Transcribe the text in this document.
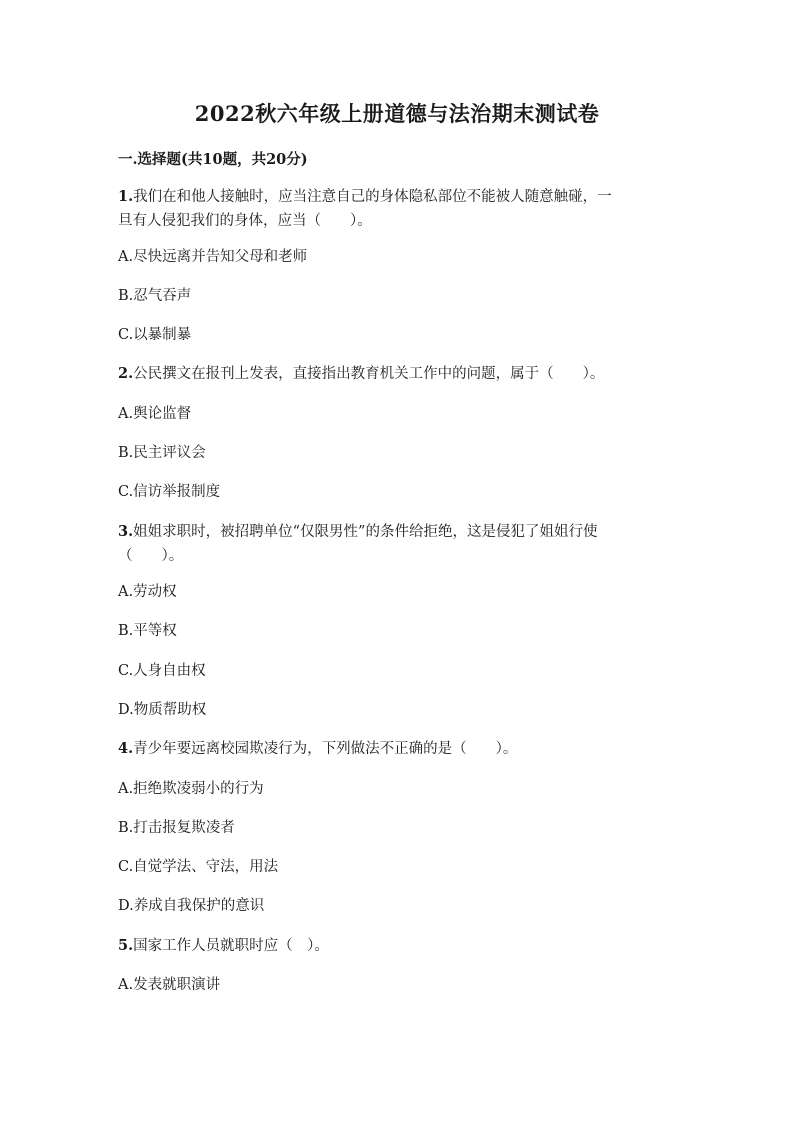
2022秋六年级上册道德与法治期末测试卷
一.选择题(共10题，共20分)
1.我们在和他人接触时，应当注意自己的身体隐私部位不能被人随意触碰，一
旦有人侵犯我们的身体，应当（　　）。
A.尽快远离并告知父母和老师
B.忍气吞声
C.以暴制暴
2.公民撰文在报刊上发表，直接指出教育机关工作中的问题，属于（　　）。
A.舆论监督
B.民主评议会
C.信访举报制度
3.姐姐求职时，被招聘单位“仅限男性”的条件给拒绝，这是侵犯了姐姐行使
（　　）。
A.劳动权
B.平等权
C.人身自由权
D.物质帮助权
4.青少年要远离校园欺凌行为，下列做法不正确的是（　　）。
A.拒绝欺凌弱小的行为
B.打击报复欺凌者
C.自觉学法、守法，用法
D.养成自我保护的意识
5.国家工作人员就职时应（　）。
A.发表就职演讲
